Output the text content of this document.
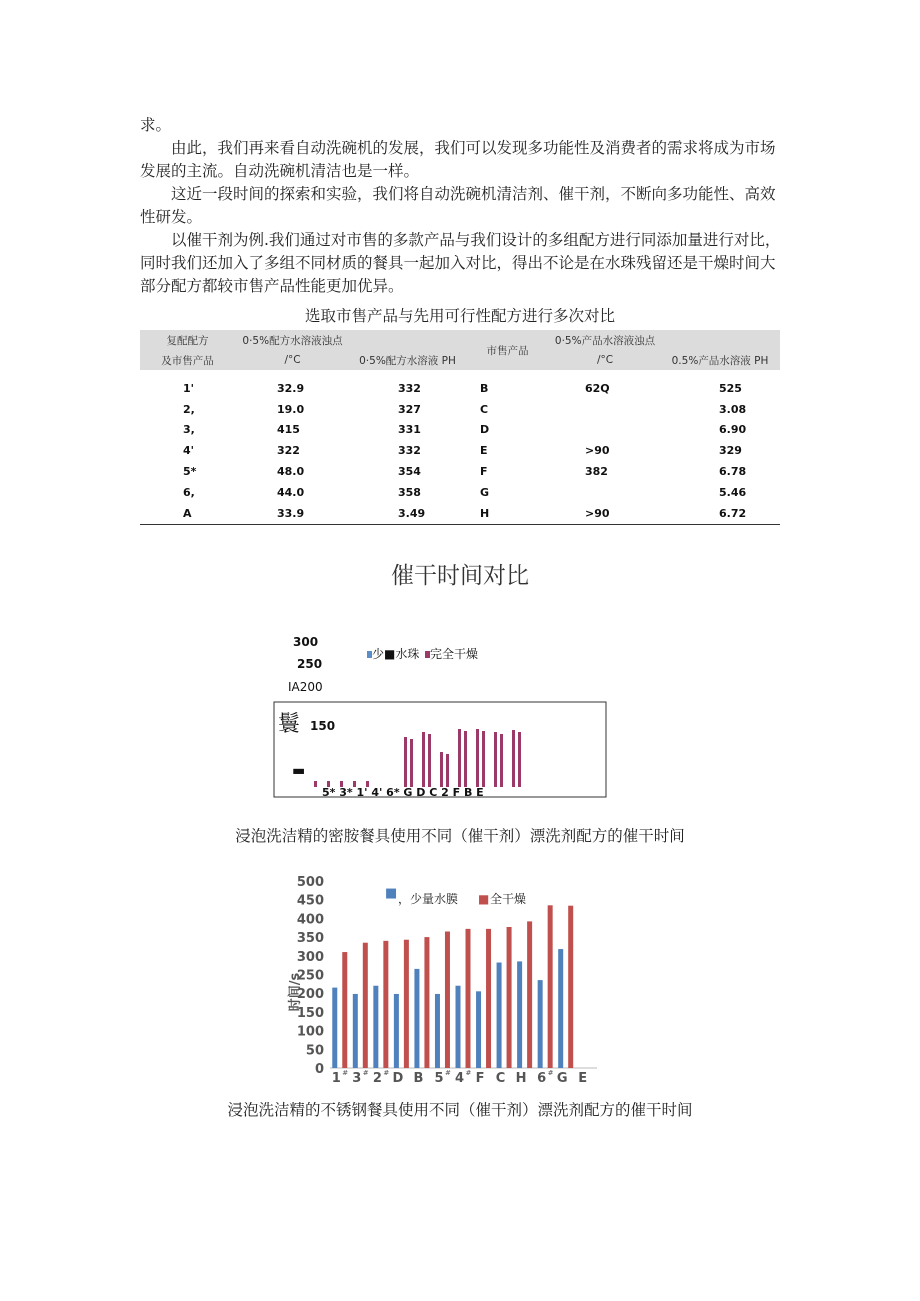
求。

由此，我们再来看自动洗碗机的发展，我们可以发现多功能性及消费者的需求将成为市场发展的主流。自动洗碗机清洁也是一样。

这近一段时间的探索和实验，我们将自动洗碗机清洁剂、催干剂，不断向多功能性、高效性研发。

以催干剂为例.我们通过对市售的多款产品与我们设计的多组配方进行同添加量进行对比，同时我们还加入了多组不同材质的餐具一起加入对比，得出不论是在水珠残留还是干燥时间大部分配方都较市售产品性能更加优异。

选取市售产品与先用可行性配方进行多次对比
复配配方	0·5%配方水溶液浊点		市售产品	0·5%产品水溶液浊点	
及市售产品	/°C	0·5%配方水溶液 PH		/°C	0.5%产品水溶液 PH

1'	32.9	332	B	62Q	525
2,	19.0	327	C		3.08
3,	415	331	D		6.90
4'	322	332	E	>90	329
5*	48.0	354	F	382	6.78
6,	44.0	358	G		5.46
A	33.9	3.49	H	>90	6.72
催干时间对比
300
250
IA200
鬟 150
▬
少■水珠 完全干燥
5* 3* 1' 4' 6* G D C 2 F B E
浸泡洗洁精的密胺餐具使用不同（催干剂）漂洗剂配方的催干时间
0
50
100
150
200
250
300
350
400
450
500
1 # 3 # 2 # D B 5 # 4 # F C H 6 # G E
时间/s
■ ，少量水膜 ■ 全干燥
浸泡洗洁精的不锈钢餐具使用不同（催干剂）漂洗剂配方的催干时间
